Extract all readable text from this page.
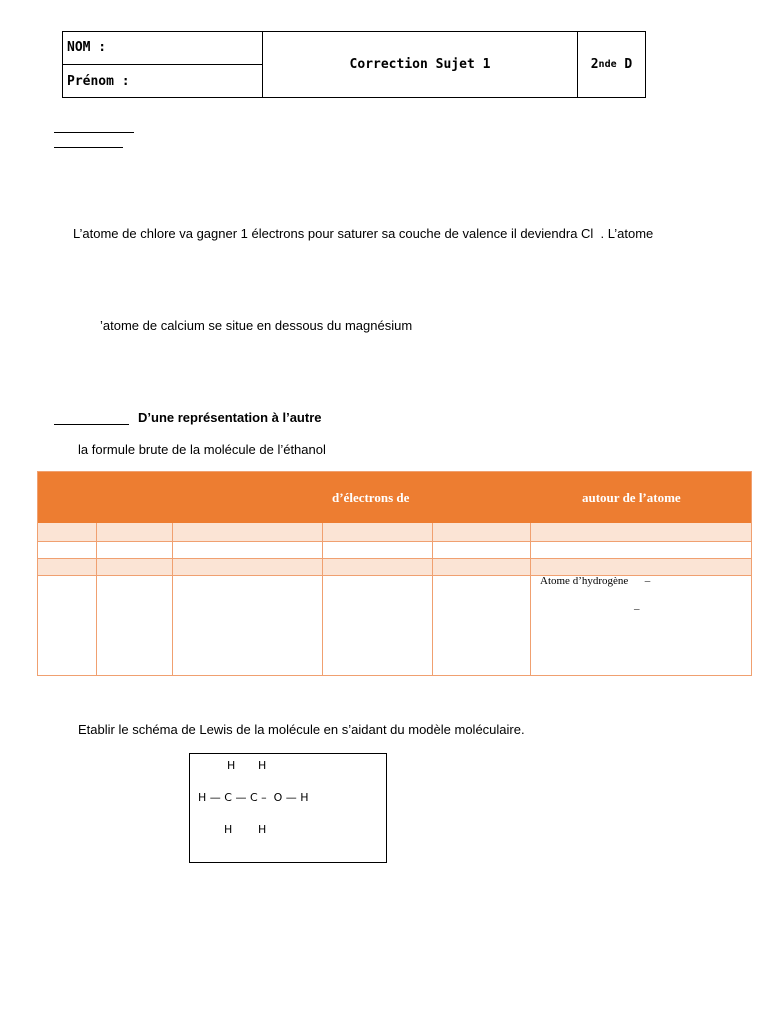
NOM :
Prénom :
Correction Sujet 1	2 nde D
L’atome de chlore va gagner 1 électrons pour saturer sa couche de valence il deviendra Cl  . L’atome
’atome de calcium se situe en dessous du magnésium
D’une représentation à l’autre
la formule brute de la molécule de l’éthanol
d’électrons de	autour de l’atome
Atome d’hydrogène      –
–
Etablir le schéma de Lewis de la molécule en s’aidant du modèle moléculaire.
H H
H — C — C –  O — H
H H
